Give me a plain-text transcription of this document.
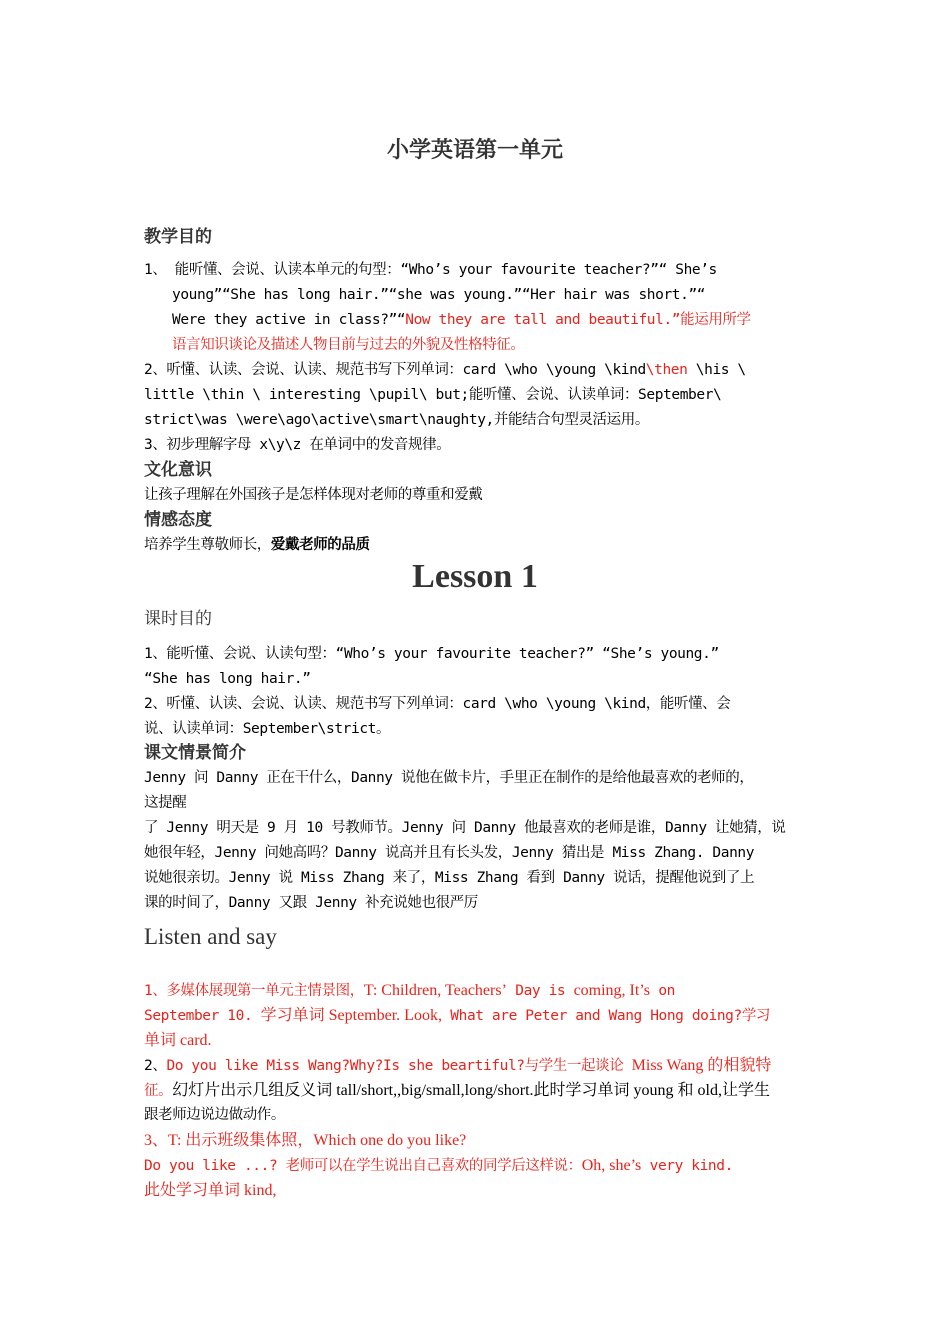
小学英语第一单元
教学目的
1、 能听懂、会说、认读本单元的句型：“Who’s your favourite teacher?”“ She’s
young”“She has long hair.”“she was young.”“Her hair was short.”“
Were they active in class?”“Now they are tall and beautiful.”能运用所学
语言知识谈论及描述人物目前与过去的外貌及性格特征。
2、听懂、认读、会说、认读、规范书写下列单词：card \who \young \kind\then \his \
little \thin \ interesting \pupil\ but;能听懂、会说、认读单词：September\
strict\was \were\ago\active\smart\naughty,并能结合句型灵活运用。
3、初步理解字母 x\y\z 在单词中的发音规律。
文化意识
让孩子理解在外国孩子是怎样体现对老师的尊重和爱戴
情感态度
培养学生尊敬师长，爱戴老师的品质
Lesson 1
课时目的
1、能听懂、会说、认读句型：“Who’s your favourite teacher?” “She’s young.”
“She has long hair.”
2、听懂、认读、会说、认读、规范书写下列单词：card \who \young \kind，能听懂、会
说、认读单词：September\strict。
课文情景简介
Jenny 问 Danny 正在干什么，Danny 说他在做卡片，手里正在制作的是给他最喜欢的老师的，
这提醒
了 Jenny 明天是 9 月 10 号教师节。Jenny 问 Danny 他最喜欢的老师是谁，Danny 让她猜，说
她很年轻，Jenny 问她高吗？Danny 说高并且有长头发，Jenny 猜出是 Miss Zhang. Danny
说她很亲切。Jenny 说 Miss Zhang 来了，Miss Zhang 看到 Danny 说话，提醒他说到了上
课的时间了，Danny 又跟 Jenny 补充说她也很严厉
Listen and say
1、多媒体展现第一单元主情景图，T: Children, Teachers’ Day is coming, It’s on
September 10. 学习单词 September. Look, What are Peter and Wang Hong doing?学习
单词 card.
2、Do you like Miss Wang?Why?Is she beartiful?与学生一起谈论 Miss Wang 的相貌特
征。幻灯片出示几组反义词 tall/short,,big/small,long/short.此时学习单词 young 和 old,让学生
跟老师边说边做动作。
3、T: 出示班级集体照，Which one do you like?
Do you like ...? 老师可以在学生说出自己喜欢的同学后这样说：Oh, she’s very kind.
此处学习单词 kind,
